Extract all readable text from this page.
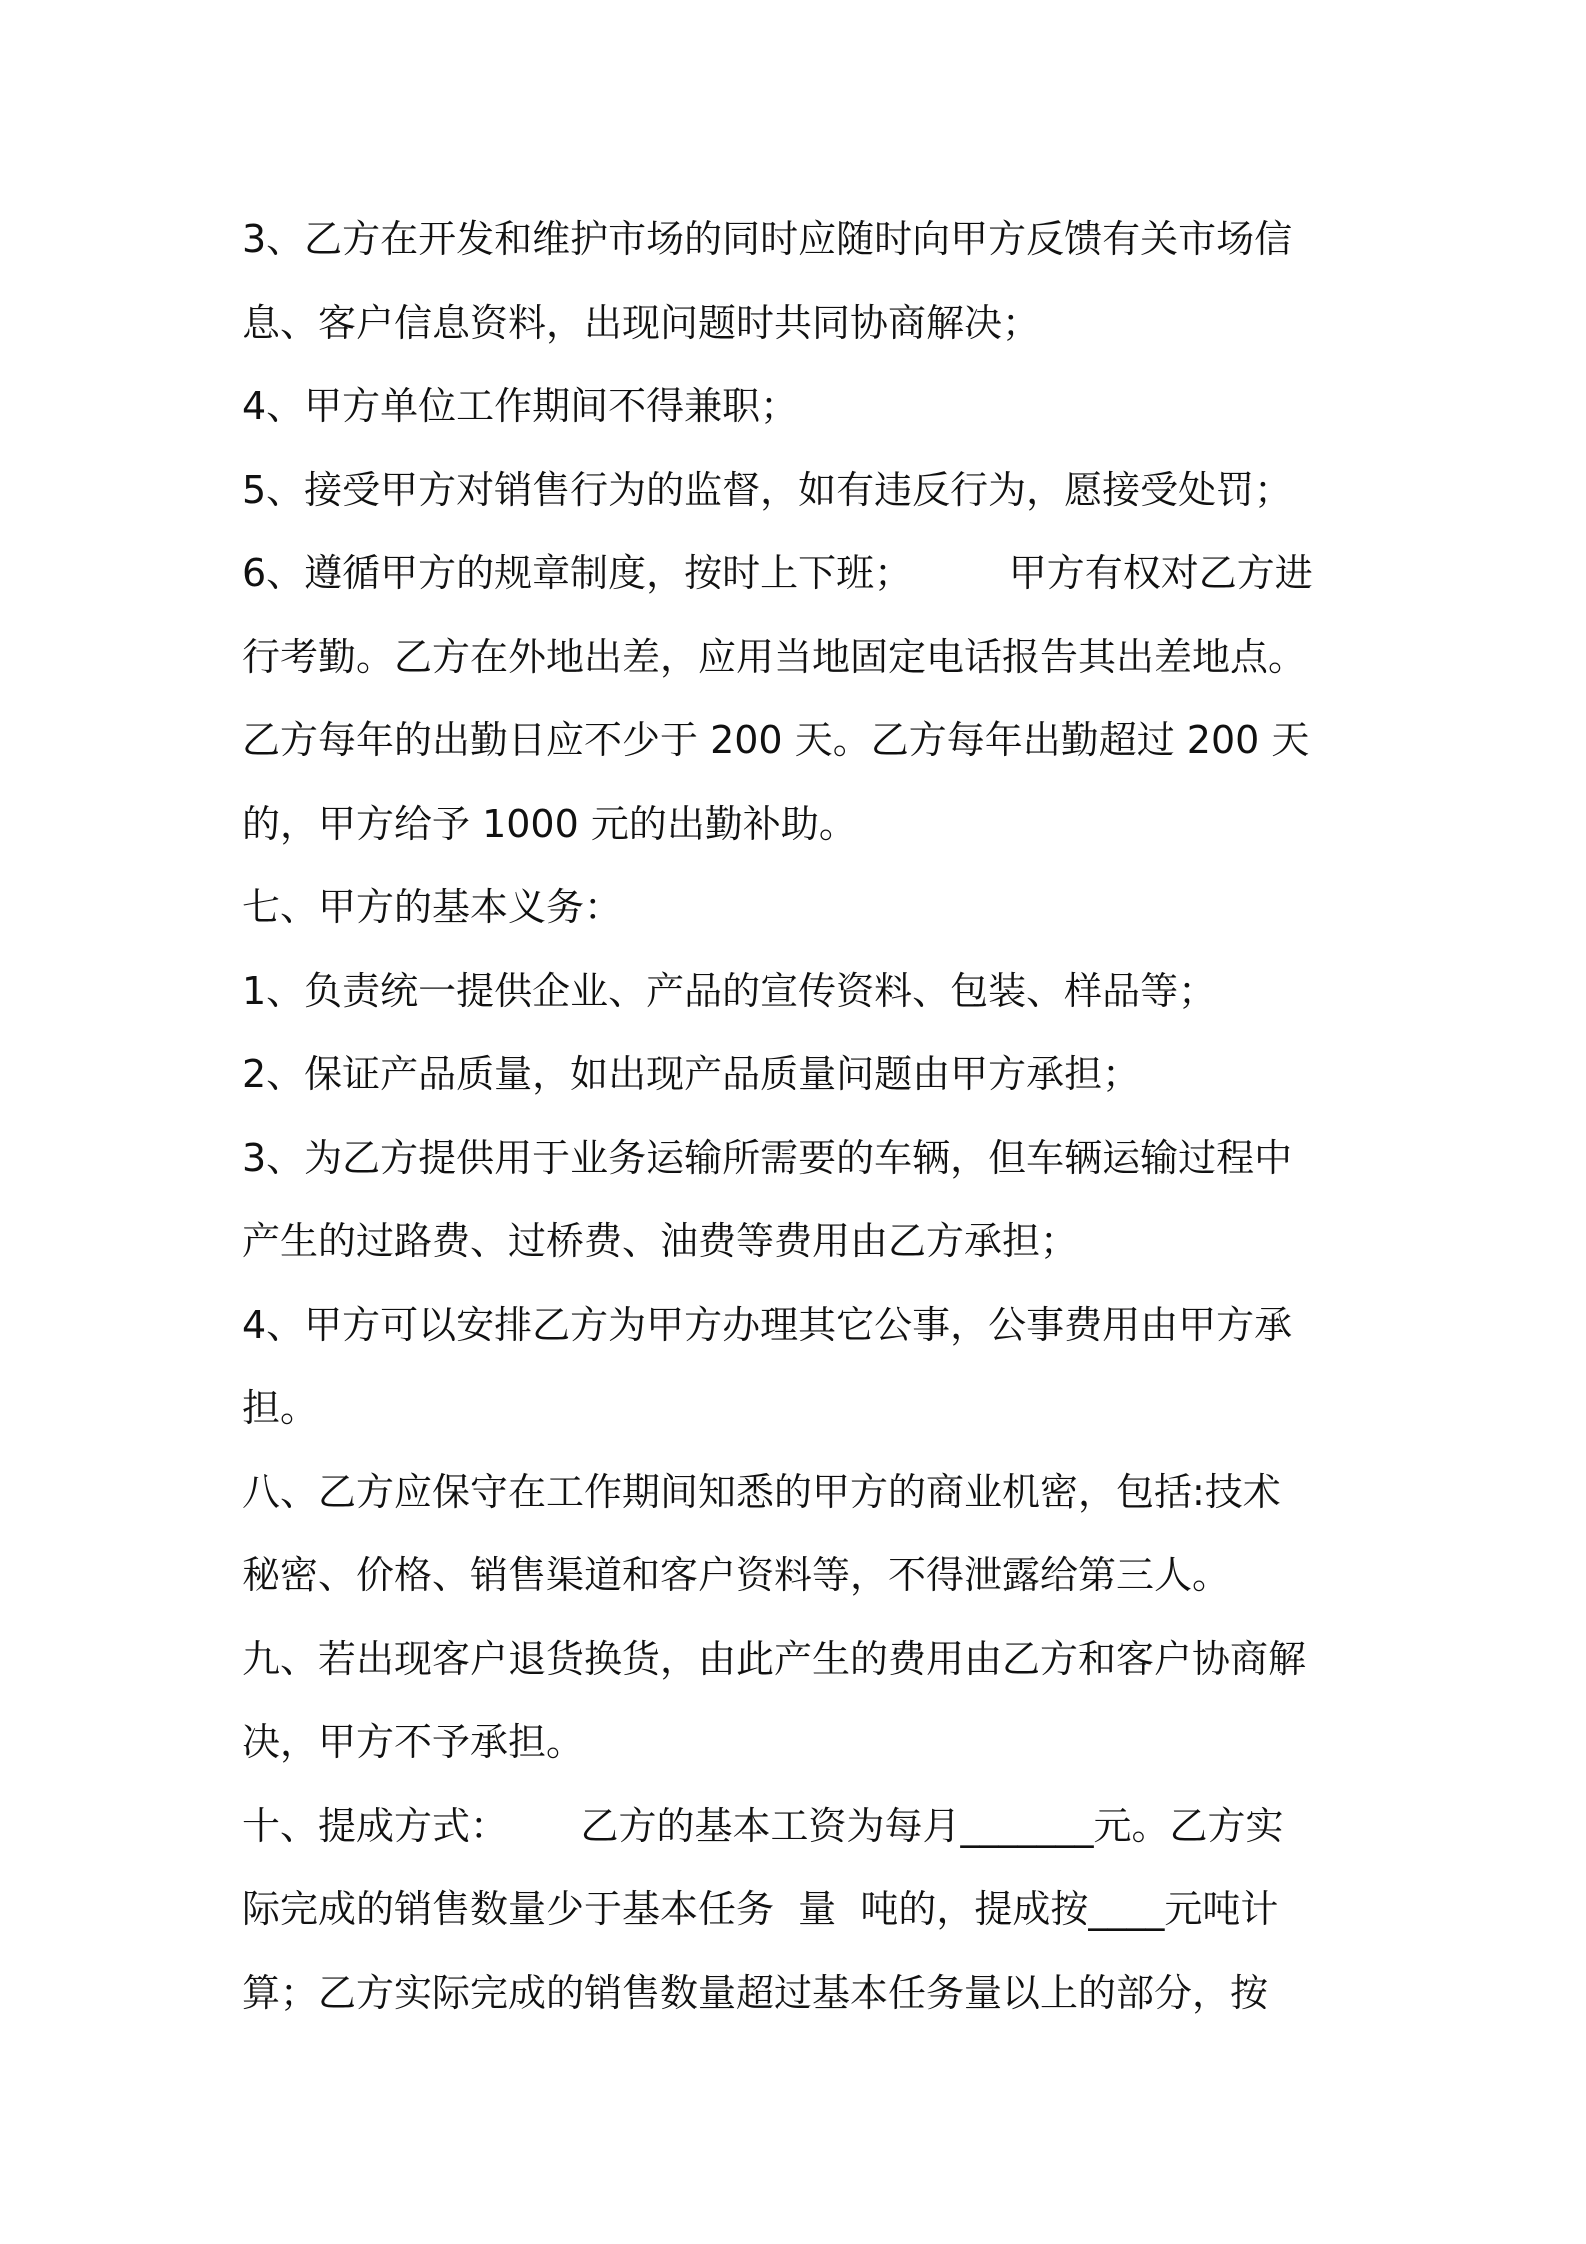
3、乙方在开发和维护市场的同时应随时向甲方反馈有关市场信
息、客户信息资料，出现问题时共同协商解决；
4、甲方单位工作期间不得兼职；
5、接受甲方对销售行为的监督，如有违反行为，愿接受处罚；
6、遵循甲方的规章制度，按时上下班；        甲方有权对乙方进
行考勤。乙方在外地出差，应用当地固定电话报告其出差地点。
乙方每年的出勤日应不少于 200 天。乙方每年出勤超过 200 天
的，甲方给予 1000 元的出勤补助。
七、甲方的基本义务：
1、负责统一提供企业、产品的宣传资料、包装、样品等；
2、保证产品质量，如出现产品质量问题由甲方承担；
3、为乙方提供用于业务运输所需要的车辆，但车辆运输过程中
产生的过路费、过桥费、油费等费用由乙方承担；
4、甲方可以安排乙方为甲方办理其它公事，公事费用由甲方承
担。
八、乙方应保守在工作期间知悉的甲方的商业机密，包括:技术
秘密、价格、销售渠道和客户资料等，不得泄露给第三人。
九、若出现客户退货换货，由此产生的费用由乙方和客户协商解
决，甲方不予承担。
十、提成方式：      乙方的基本工资为每月_______元。乙方实
际完成的销售数量少于基本任务  量  吨的，提成按____元吨计
算；乙方实际完成的销售数量超过基本任务量以上的部分，按
